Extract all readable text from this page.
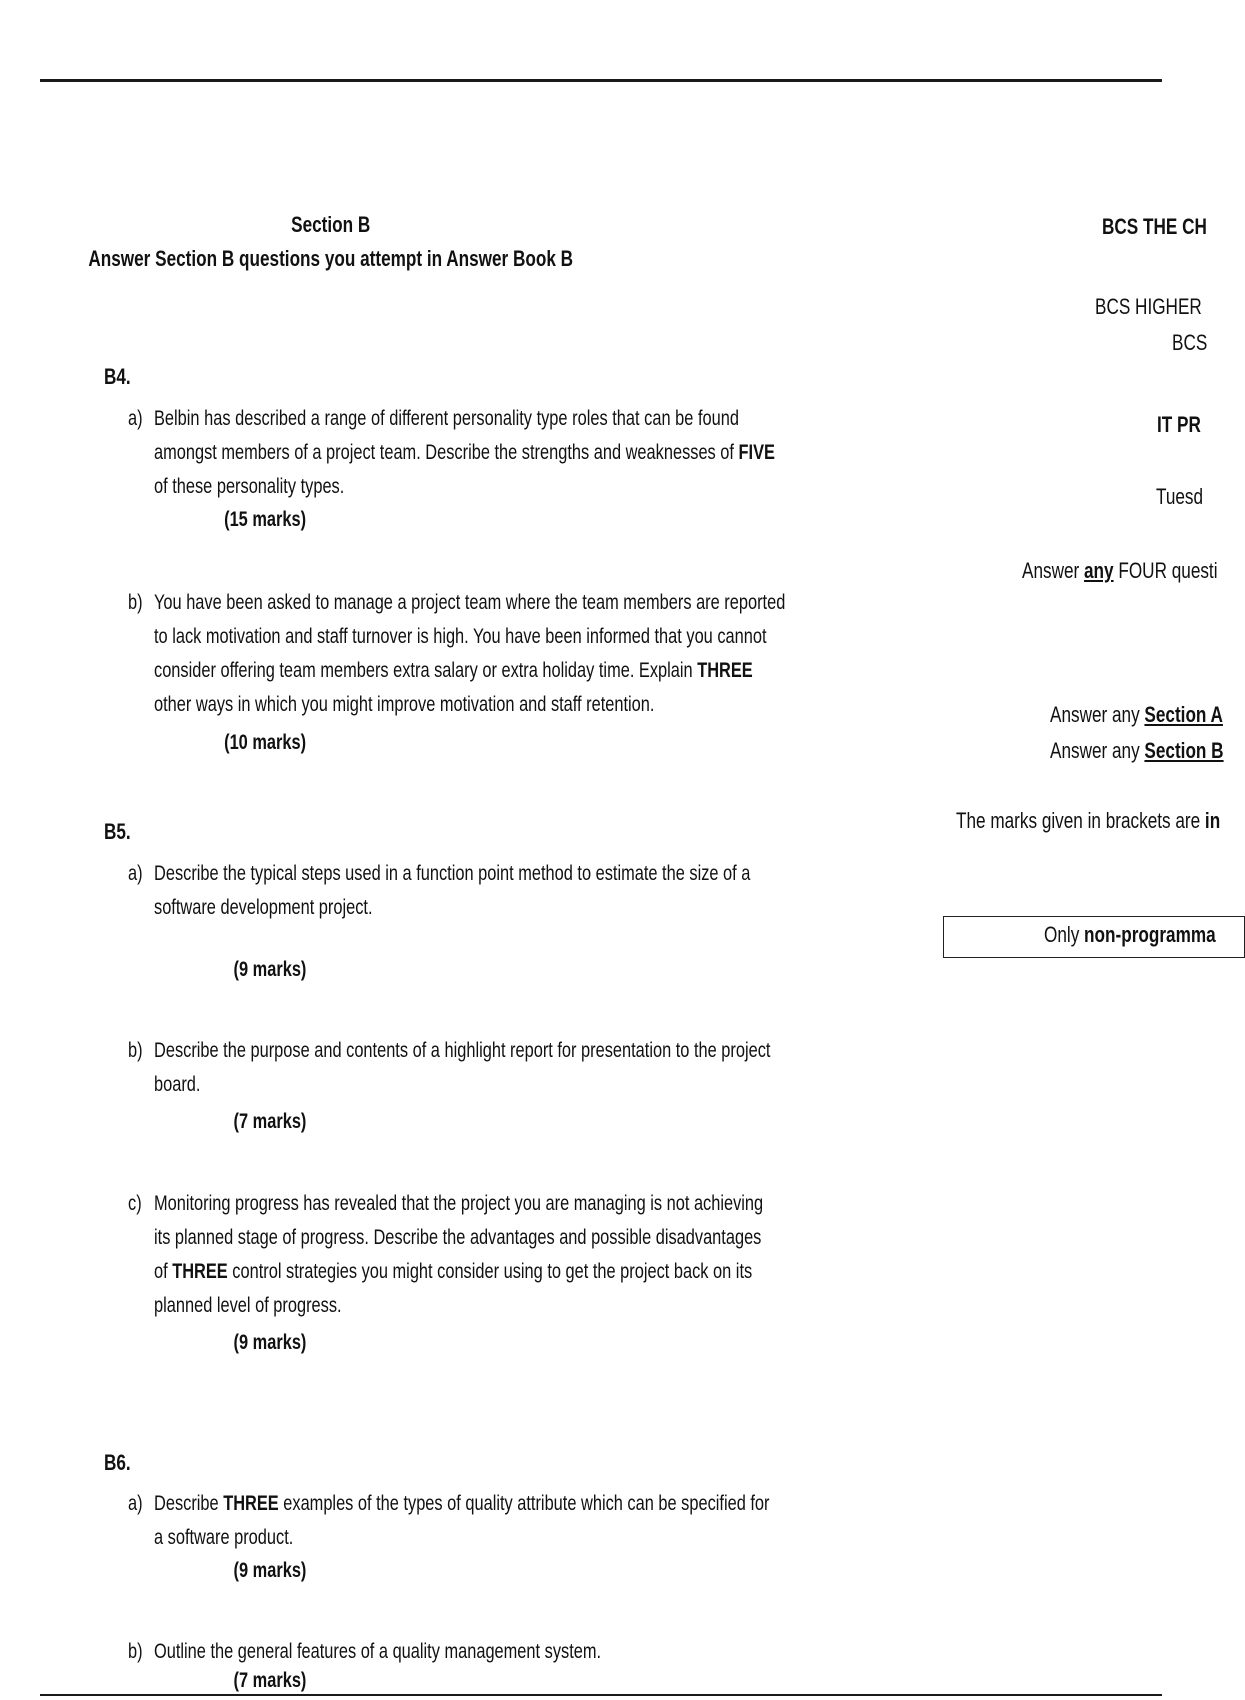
Section B
Answer Section B questions you attempt in Answer Book B
B4.
a) Belbin has described a range of different personality type roles that can be found
amongst members of a project team. Describe the strengths and weaknesses of FIVE
of these personality types.
(15 marks)
b) You have been asked to manage a project team where the team members are reported
to lack motivation and staff turnover is high. You have been informed that you cannot
consider offering team members extra salary or extra holiday time. Explain THREE
other ways in which you might improve motivation and staff retention.
(10 marks)
B5.
a) Describe the typical steps used in a function point method to estimate the size of a
software development project.
(9 marks)
b) Describe the purpose and contents of a highlight report for presentation to the project
board.
(7 marks)
c) Monitoring progress has revealed that the project you are managing is not achieving
its planned stage of progress. Describe the advantages and possible disadvantages
of THREE control strategies you might consider using to get the project back on its
planned level of progress.
(9 marks)
B6.
a) Describe THREE examples of the types of quality attribute which can be specified for
a software product.
(9 marks)
b) Outline the general features of a quality management system.
(7 marks)
BCS THE CH
BCS HIGHER
BCS
IT PR
Tuesd
Answer any FOUR questi
Answer any Section A
Answer any Section B
The marks given in brackets are in
Only non-programma
